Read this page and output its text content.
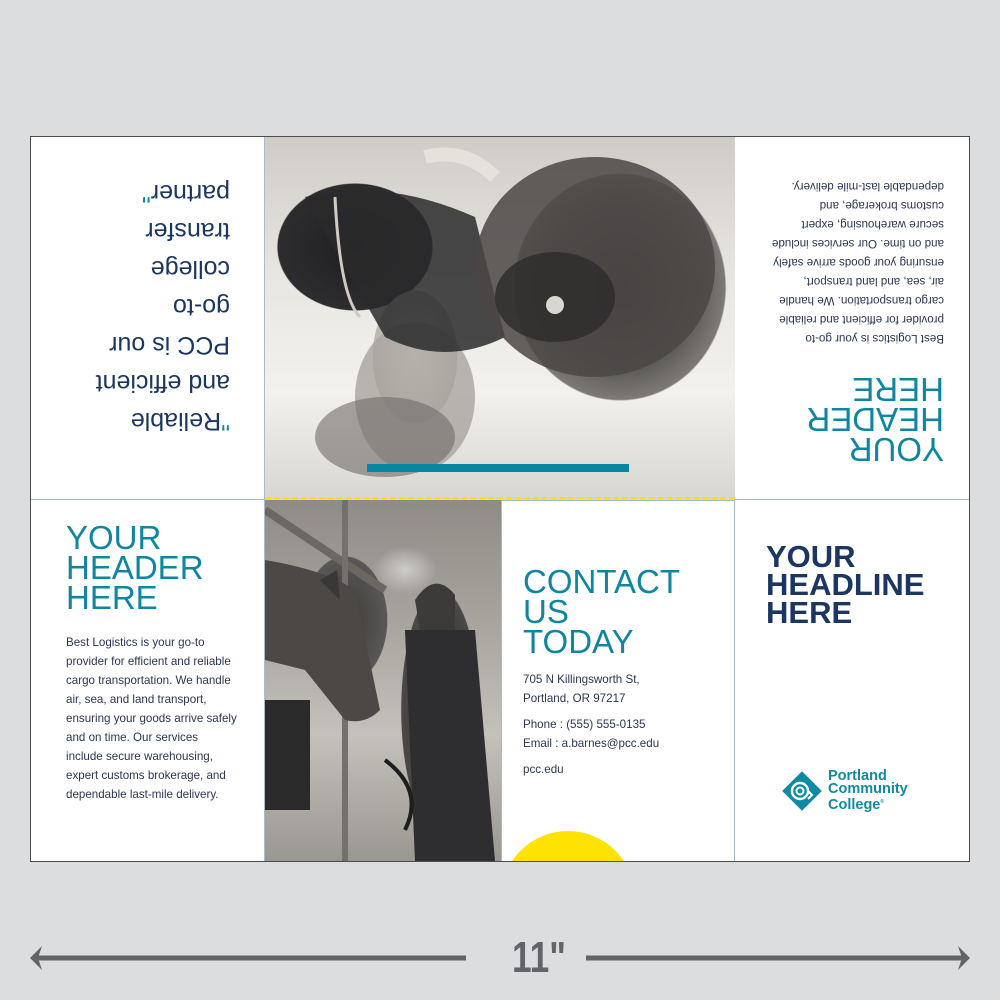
"Reliable
and efficient
PCC is our
go-to
college
transfer
partner"
YOUR
HEADER
HERE
Best Logistics is your go-to provider for efficient and reliable cargo transportation. We handle air, sea, and land transport, ensuring your goods arrive safely and on time. Our services include secure warehousing, expert customs brokerage, and dependable last-mile delivery.
YOUR
HEADER
HERE
Best Logistics is your go-to provider for efficient and reliable cargo transportation. We handle air, sea, and land transport, ensuring your goods arrive safely and on time. Our services include secure warehousing, expert customs brokerage, and dependable last-mile delivery.
CONTACT
US
TODAY
705 N Killingsworth St,
Portland, OR 97217
Phone : (555) 555-0135
Email : a.barnes@pcc.edu
pcc.edu
YOUR
HEADLINE
HERE
Portland
Community
College®
11"
